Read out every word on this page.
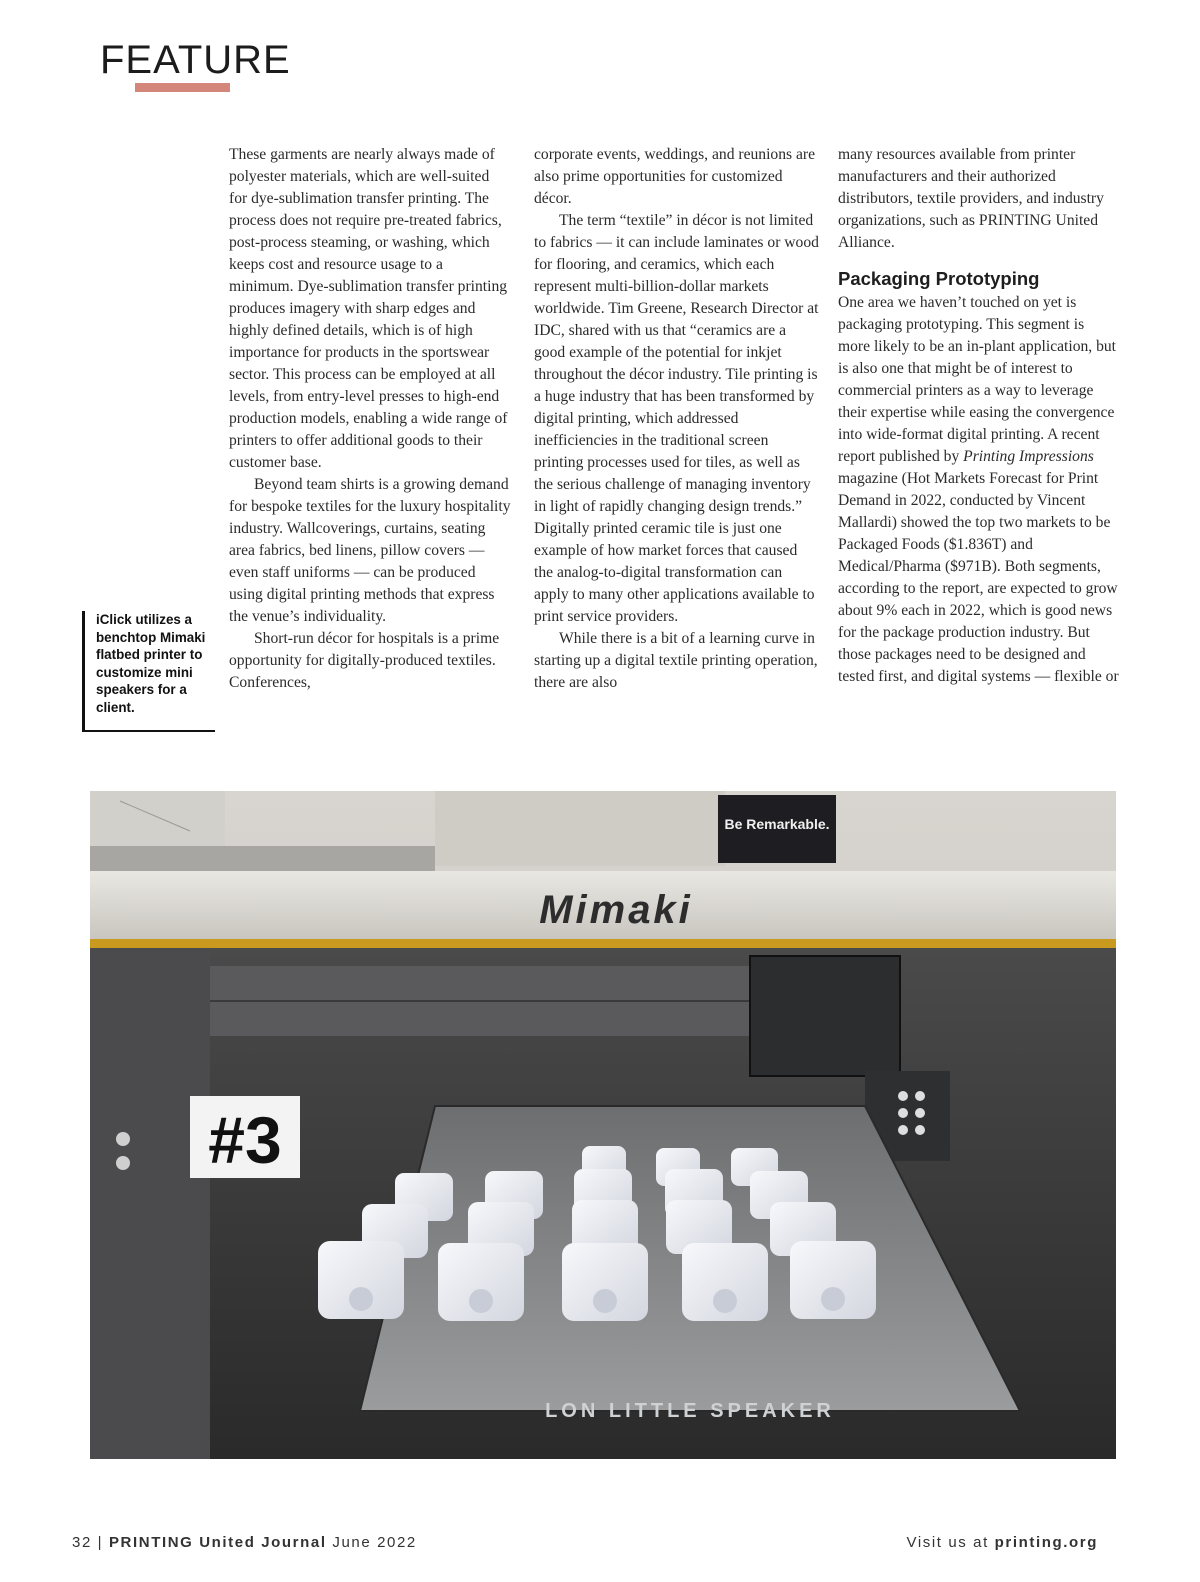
FEATURE
iClick utilizes a benchtop Mimaki flatbed printer to customize mini speakers for a client.

These garments are nearly always made of polyester materials, which are well-suited for dye-sublimation transfer printing. The process does not require pre-treated fabrics, post-process steaming, or washing, which keeps cost and resource usage to a minimum. Dye-sublimation transfer printing produces imagery with sharp edges and highly defined details, which is of high importance for products in the sportswear sector. This process can be employed at all levels, from entry-level presses to high-end production models, enabling a wide range of printers to offer additional goods to their customer base.

Beyond team shirts is a growing demand for bespoke textiles for the luxury hospitality industry. Wallcoverings, curtains, seating area fabrics, bed linens, pillow covers — even staff uniforms — can be produced using digital printing methods that express the venue’s individuality.

Short-run décor for hospitals is a prime opportunity for digitally-produced textiles. Conferences,

corporate events, weddings, and reunions are also prime opportunities for customized décor.

The term “textile” in décor is not limited to fabrics — it can include laminates or wood for flooring, and ceramics, which each represent multi-billion-dollar markets worldwide. Tim Greene, Research Director at IDC, shared with us that “ceramics are a good example of the potential for inkjet throughout the décor industry. Tile printing is a huge industry that has been transformed by digital printing, which addressed inefficiencies in the traditional screen printing processes used for tiles, as well as the serious challenge of managing inventory in light of rapidly changing design trends.” Digitally printed ceramic tile is just one example of how market forces that caused the analog-to-digital transformation can apply to many other applications available to print service providers.

While there is a bit of a learning curve in starting up a digital textile printing operation, there are also

many resources available from printer manufacturers and their authorized distributors, textile providers, and industry organizations, such as PRINTING United Alliance.

Packaging Prototyping

One area we haven’t touched on yet is packaging prototyping. This segment is more likely to be an in-plant application, but is also one that might be of interest to commercial printers as a way to leverage their expertise while easing the convergence into wide-format digital printing. A recent report published by Printing Impressions magazine (Hot Markets Forecast for Print Demand in 2022, conducted by Vincent Mallardi) showed the top two markets to be Packaged Foods ($1.836T) and Medical/Pharma ($971B). Both segments, according to the report, are expected to grow about 9% each in 2022, which is good news for the package production industry. But those packages need to be designed and tested first, and digital systems — flexible or

Be Remarkable.
Mimaki
#3
LON LITTLE SPEAKER
32 | PRINTING United Journal June 2022	Visit us at printing.org
